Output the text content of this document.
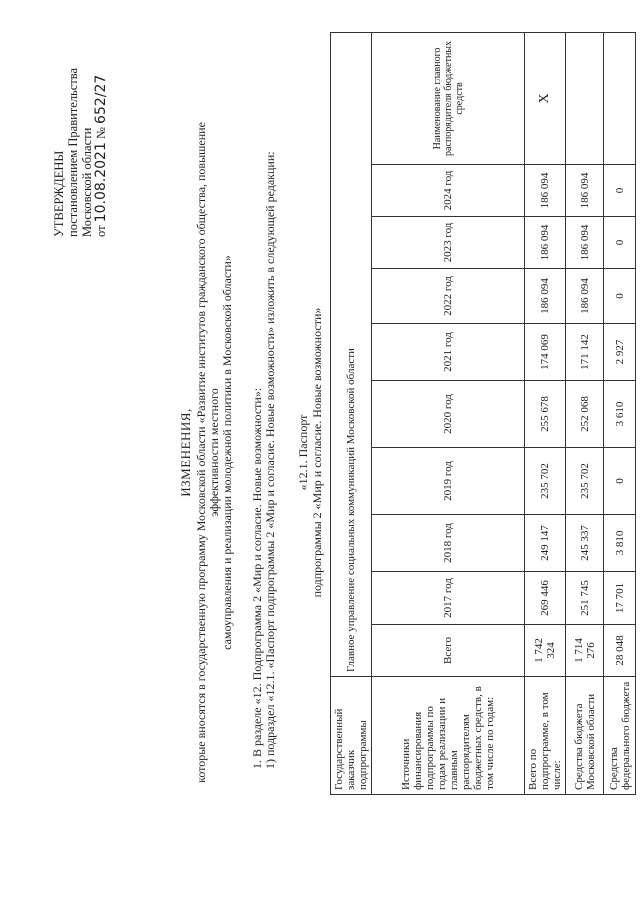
УТВЕРЖДЕНЫ постановлением Правительства Московской области от 10.08.2021 № 652/27
ИЗМЕНЕНИЯ, которые вносятся в государственную программу Московской области «Развитие институтов гражданского общества, повышение эффективности местного самоуправления и реализации молодежной политики в Московской области» 1. В разделе «12. Подпрограмма 2 «Мир и согласие. Новые возможности»: 1) подраздел «12.1. «Паспорт подпрограммы 2 «Мир и согласие. Новые возможности» изложить в следующей редакции: «12.1. Паспорт подпрограммы 2 «Мир и согласие. Новые возможности»
Государственный заказчик подпрограммы	Главное управление социальных коммуникаций Московской области									
Источники финансирования подпрограммы по годам реализации и главным распорядителям бюджетных средств, в том числе по годам:	Всего	2017 год	2018 год	2019 год	2020 год	2021 год	2022 год	2023 год	2024 год	Наименование главного распорядителя бюджетных средств
Всего по подпрограмме, в том числе:	1 742 324	269 446	249 147	235 702	255 678	174 069	186 094	186 094	186 094	Х
Средства бюджета Московской области	1 714 276	251 745	245 337	235 702	252 068	171 142	186 094	186 094	186 094	
Средства федерального бюджета	28 048	17 701	3 810	0	3 610	2 927	0	0	0	
